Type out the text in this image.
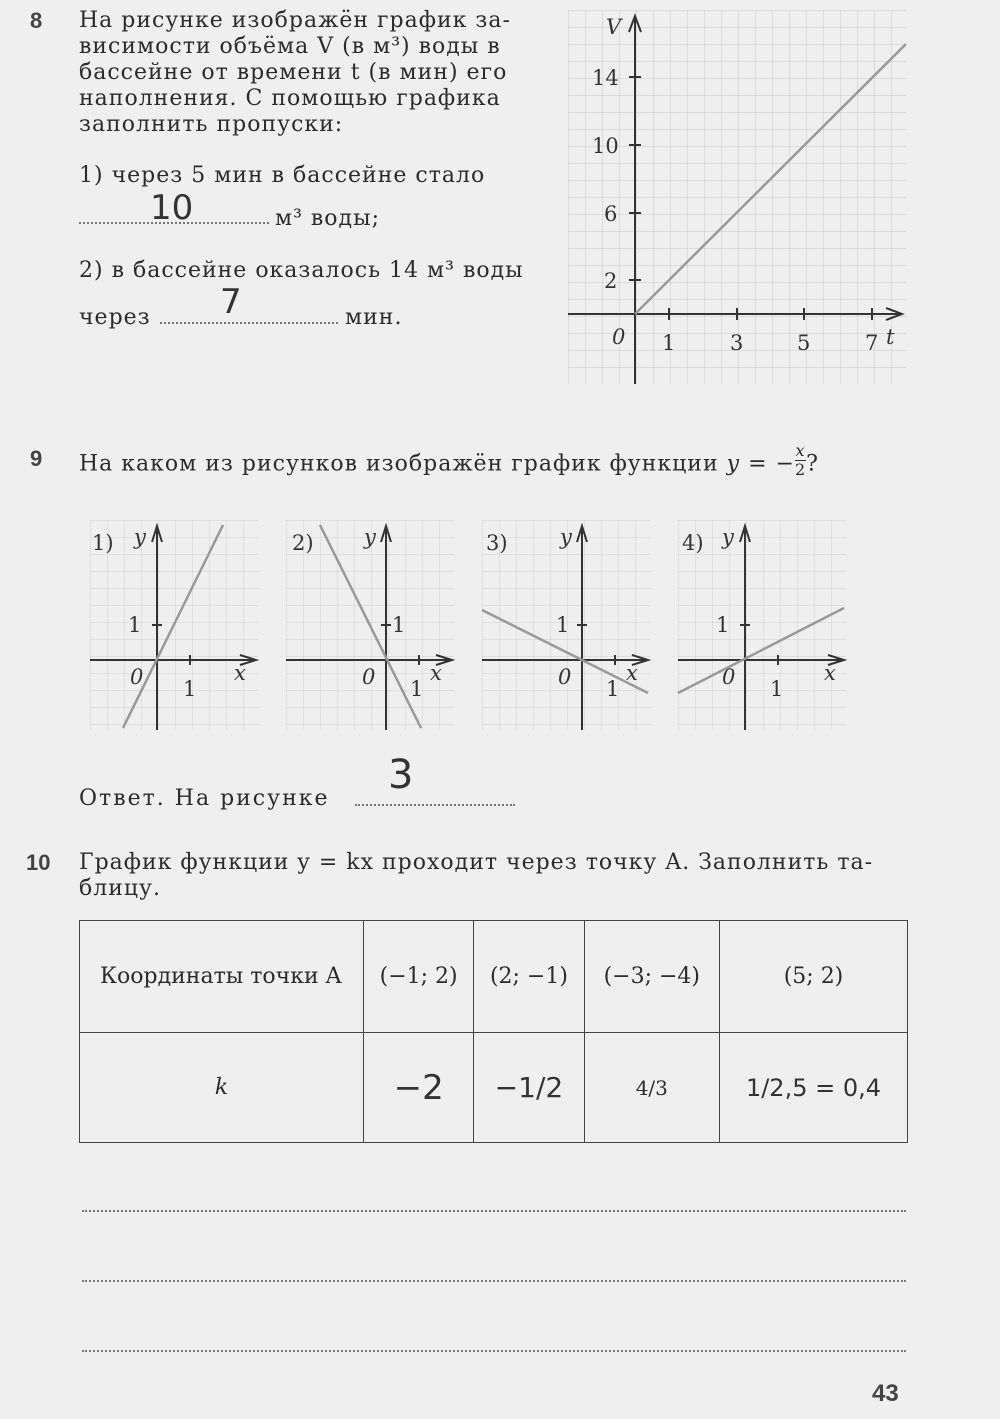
8 На рисунке изображён график за-
висимости объёма V (в м³) воды в
бассейне от времени t (в мин) его
наполнения. С помощью графика
заполнить пропуски:
1) через 5 мин в бассейне стало
10	м³ воды;
2) в бассейне оказалось 14 м³ воды
через 7	мин.
V
t
14
10
6
2
0 1	3	5	7
9 На каком из рисунков изображён график функции y = − $\frac{x}{2}$ ?
1) y
x
1
1
0
2) y
x
1
1
0
3) y
x
1
1
0
4) y
x
1
1
0
Ответ. На рисунке
3
10 График функции y = kx проходит через точку A. Заполнить та-
блицу.
Координаты точки A	(−1; 2)	(2; −1)	(−3; −4)	(5; 2)
k	−2	−1/2	4/3	1/2,5 = 0,4
43
